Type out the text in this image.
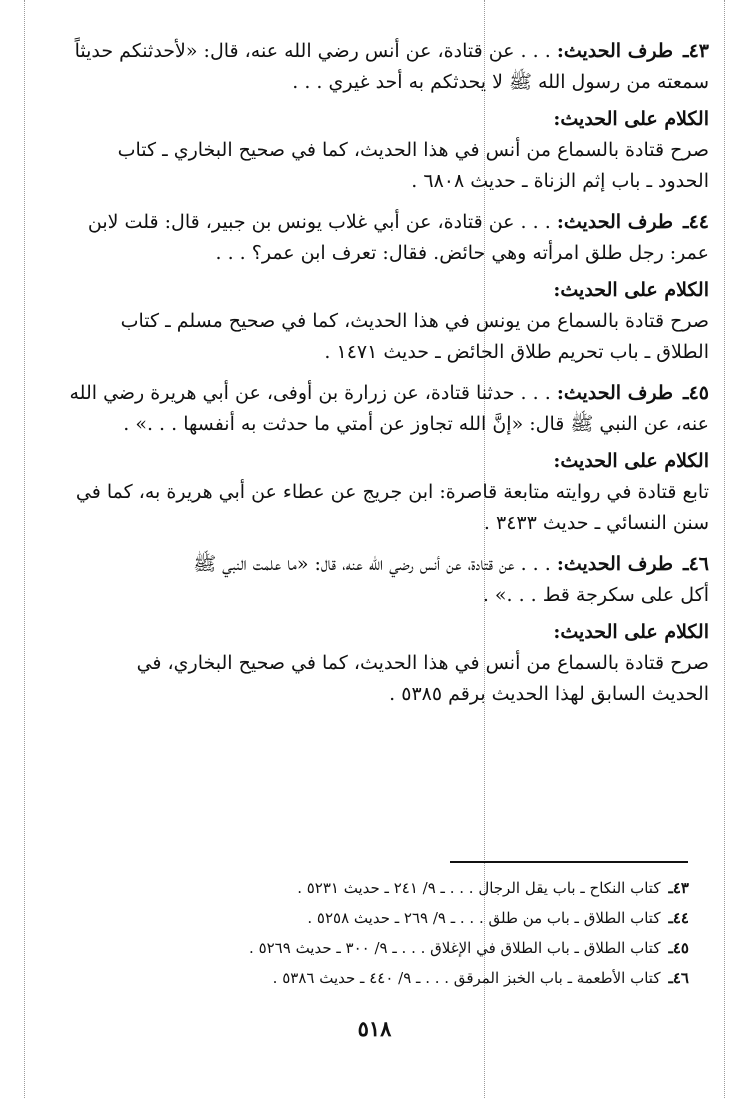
٤٣ـطرف الحديث: . . . عن قتادة، عن أنس رضي الله عنه، قال: «لأحدثنكم حديثاً
سمعته من رسول الله ﷺ لا يحدثكم به أحد غيري . . .
الكلام على الحديث:
صرح قتادة بالسماع من أنس في هذا الحديث، كما في صحيح البخاري ـ كتاب
الحدود ـ باب إثم الزناة ـ حديث ٦٨٠٨ .
٤٤ـطرف الحديث: . . . عن قتادة، عن أبي غلاب يونس بن جبير، قال: قلت لابن
عمر: رجل طلق امرأته وهي حائض. فقال: تعرف ابن عمر؟ . . .
الكلام على الحديث:
صرح قتادة بالسماع من يونس في هذا الحديث، كما في صحيح مسلم ـ كتاب
الطلاق ـ باب تحريم طلاق الحائض ـ حديث ١٤٧١ .
٤٥ـطرف الحديث: . . . حدثنا قتادة، عن زرارة بن أوفى، عن أبي هريرة رضي الله
عنه، عن النبي ﷺ قال: «إنَّ الله تجاوز عن أمتي ما حدثت به أنفسها . . .» .
الكلام على الحديث:
تابع قتادة في روايته متابعة قاصرة: ابن جريج عن عطاء عن أبي هريرة به، كما في
سنن النسائي ـ حديث ٣٤٣٣ .
٤٦ـطرف الحديث: . . . عن قتادة، عن أنس رضي الله عنه، قال: «ما علمت النبي ﷺ
أكل على سكرجة قط . . .» .
الكلام على الحديث:
صرح قتادة بالسماع من أنس في هذا الحديث، كما في صحيح البخاري، في
الحديث السابق لهذا الحديث برقم ٥٣٨٥ .
٤٣ـكتاب النكاح ـ باب يقل الرجال . . . ـ ٩/ ٢٤١ ـ حديث ٥٢٣١ .
٤٤ـكتاب الطلاق ـ باب من طلق . . . ـ ٩/ ٢٦٩ ـ حديث ٥٢٥٨ .
٤٥ـكتاب الطلاق ـ باب الطلاق في الإغلاق . . . ـ ٩/ ٣٠٠ ـ حديث ٥٢٦٩ .
٤٦ـكتاب الأطعمة ـ باب الخبز المرقق . . . ـ ٩/ ٤٤٠ ـ حديث ٥٣٨٦ .
٥١٨
